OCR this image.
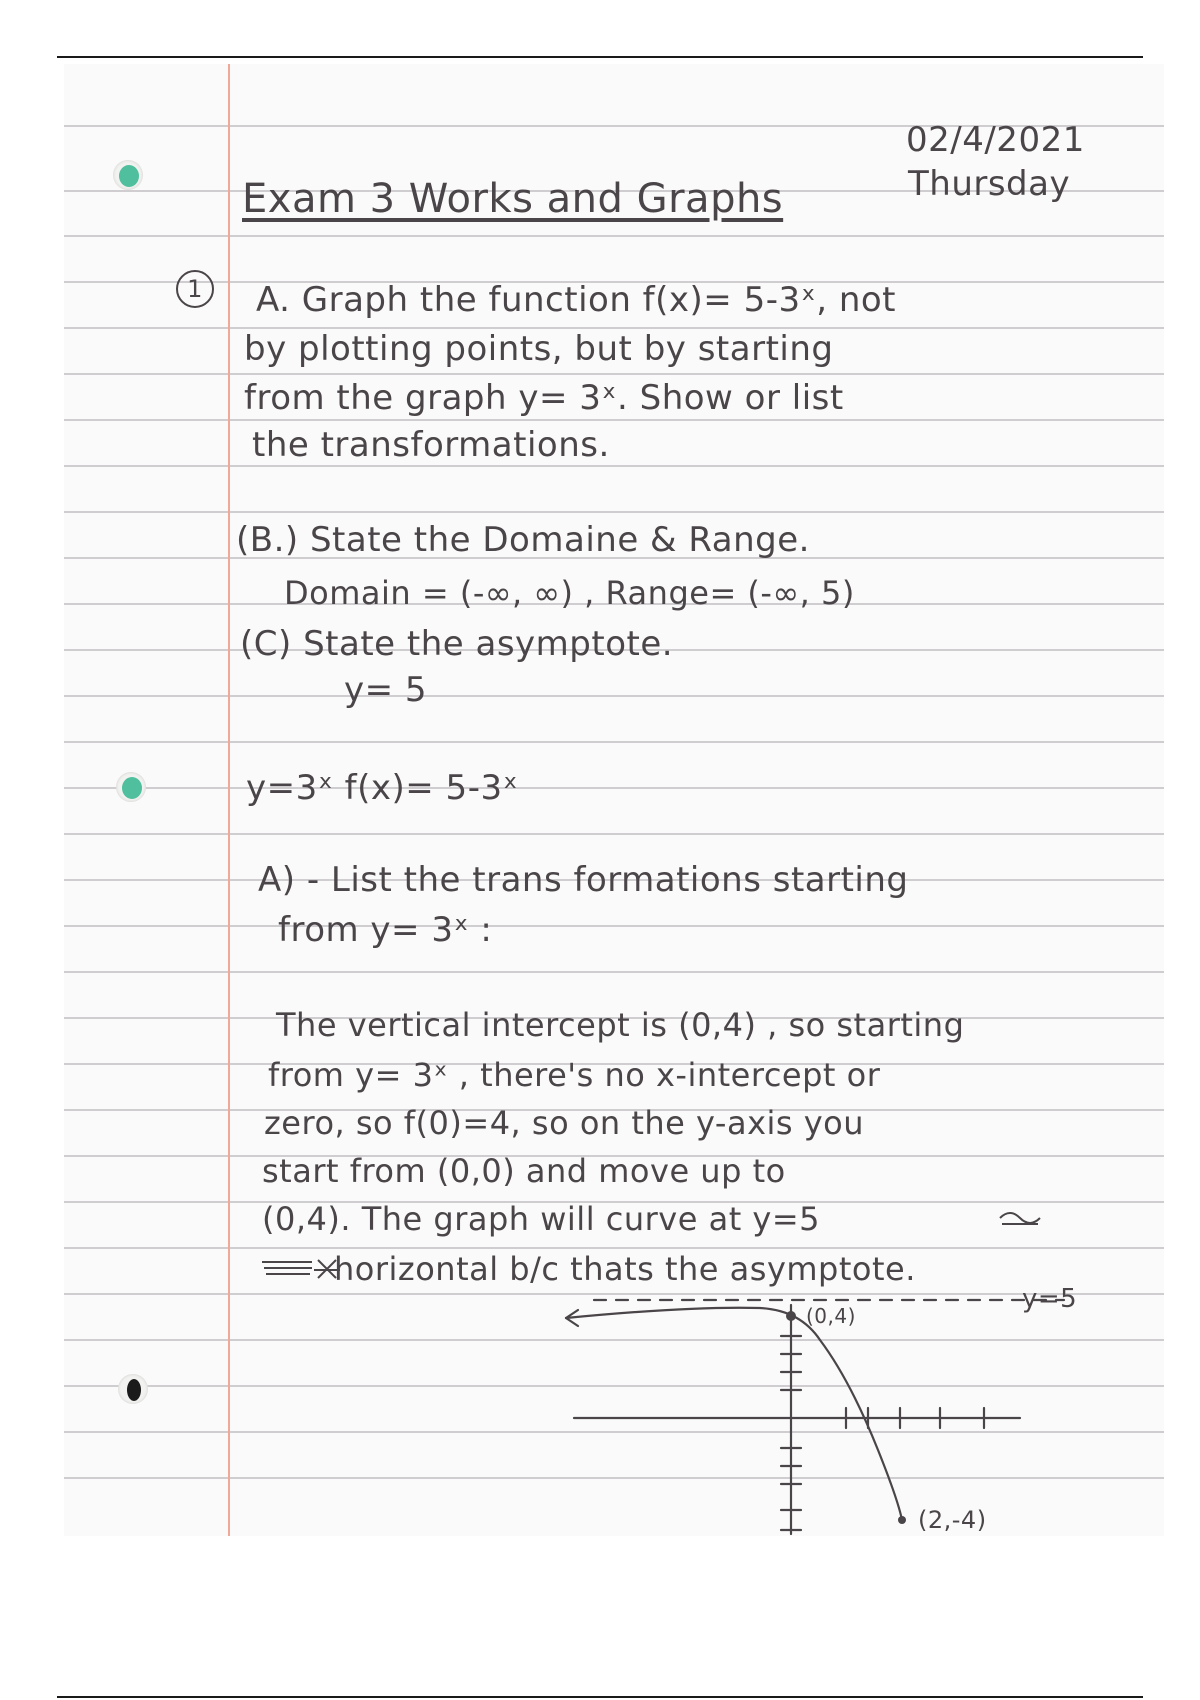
02/4/2021
Thursday
Exam 3 Works and Graphs
1	A. Graph the function f(x)= 5-3ˣ, not
by plotting points, but by starting
from the graph y= 3ˣ. Show or list
the transformations.
(B.) State the Domaine & Range.
Domain = (-∞, ∞) , Range= (-∞, 5)
(C) State the asymptote.
y= 5
y=3ˣ f(x)= 5-3ˣ
A) - List the trans formations starting
from y= 3ˣ :
The vertical intercept is (0,4) , so starting
from y= 3ˣ , there's no x-intercept or
zero, so f(0)=4, so on the y-axis you
start from (0,0) and move up to
(0,4). The graph will curve at y=5
horizontal b/c thats the asymptote.
(0,4)
y=5
(2,-4)
